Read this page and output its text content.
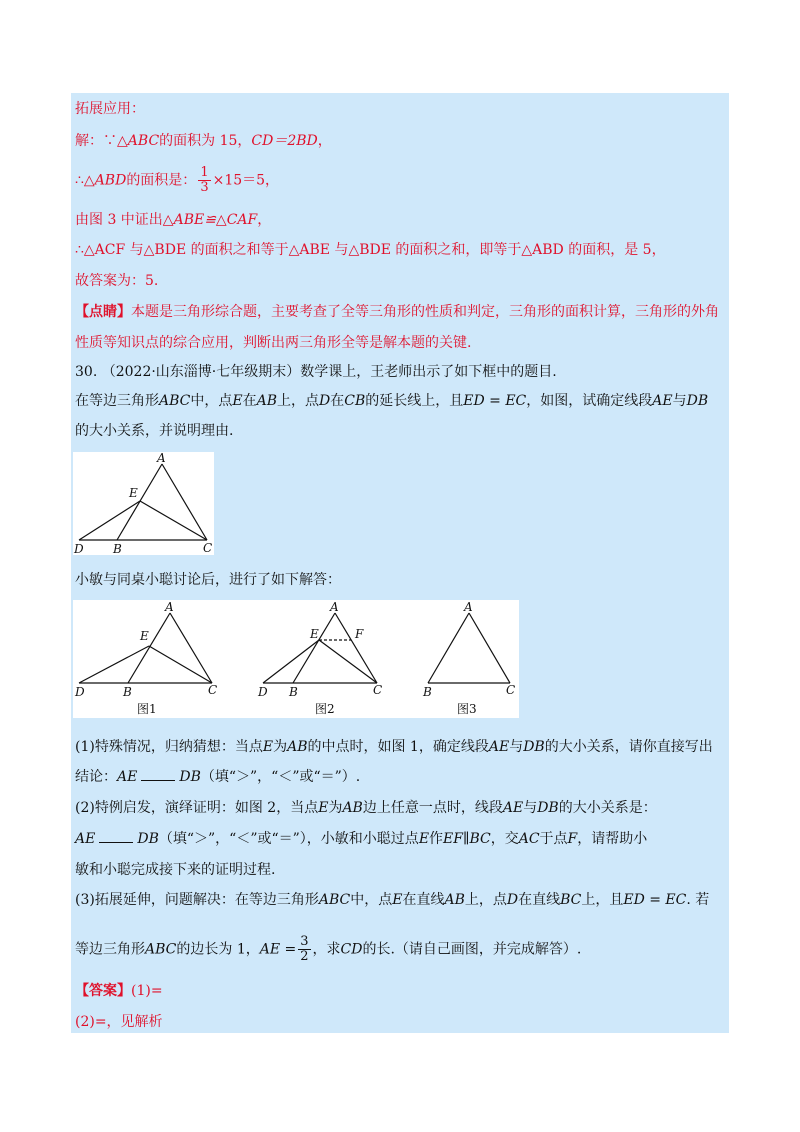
拓展应用：
解：∵△ABC的面积为 15，CD＝2BD，
∴△ABD的面积是： $\frac{1}{3} \times 15=5$，
由图 3 中证出△ABE≌△CAF，
∴△ACF 与△BDE 的面积之和等于△ABE 与△BDE 的面积之和，即等于△ABD 的面积，是 5，
故答案为：5.
【点睛】本题是三角形综合题，主要考查了全等三角形的性质和判定，三角形的面积计算，三角形的外角
性质等知识点的综合应用，判断出两三角形全等是解本题的关键.
30. （2022·山东淄博·七年级期末）数学课上，王老师出示了如下框中的题目.
在等边三角形ABC中，点E在AB上，点D在CB的延长线上，且ED = EC，如图，试确定线段AE与DB
的大小关系，并说明理由.
A
E
D B	C
小敏与同桌小聪讨论后，进行了如下解答：
A
E
D	B	C
图1
A
E	F
D B	C
图2
A
B	C
图3
(1)特殊情况，归纳猜想：当点E为AB的中点时，如图 1，确定线段AE与DB的大小关系，请你直接写出
结论：AE	DB（填“＞”，“＜”或“＝”）.
(2)特例启发，演绎证明：如图 2，当点E为AB边上任意一点时，线段AE与DB的大小关系是：
AE	DB（填“＞”，“＜”或“＝”），小敏和小聪过点E作EF∥BC，交AC于点F，请帮助小
敏和小聪完成接下来的证明过程.
(3)拓展延伸，问题解决：在等边三角形ABC中，点E在直线AB上，点D在直线BC上，且ED = EC. 若
等边三角形ABC的边长为 1，AE = $\frac{3}{2}$ ，求CD的长.（请自己画图，并完成解答）.
【答案】(1)=
(2)=，见解析
